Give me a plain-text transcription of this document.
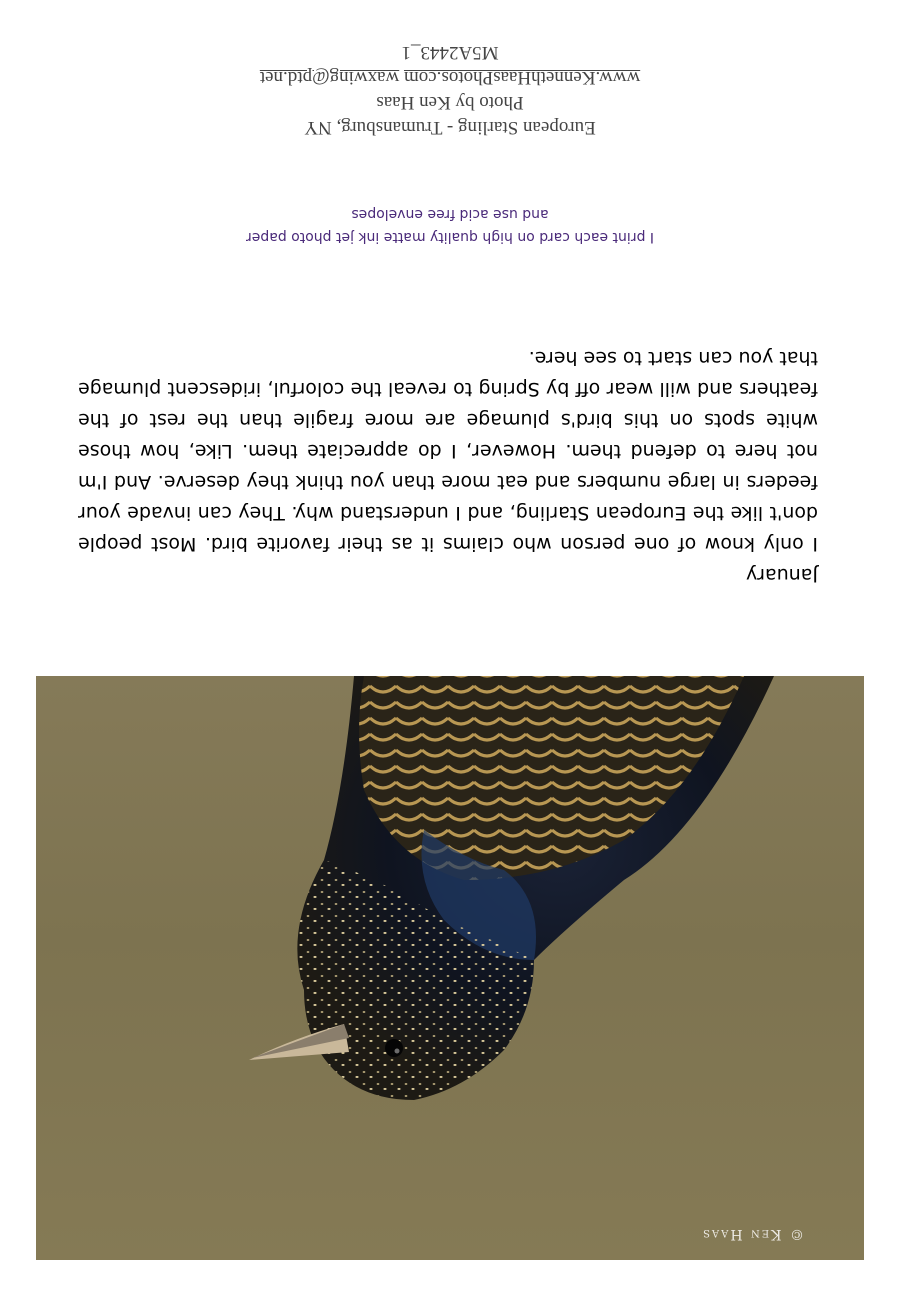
© Ken Haas
January
I only know of one person who claims it as their favorite bird. Most people don't like the European Starling, and I understand why. They can invade your feeders in large numbers and eat more than you think they deserve. And I'm not here to defend them. However, I do appreciate them. Like, how those white spots on this bird's plumage are more fragile than the rest of the feathers and will wear off by Spring to reveal the colorful, iridescent plumage that you can start to see here.
I print each card on high quality matte ink jet photo paper
and use acid free envelopes
European Starling - Trumansburg, NY
Photo by Ken Haas
www.KennethHaasPhotos.com waxwing@ptd.net
M5A2443_1
